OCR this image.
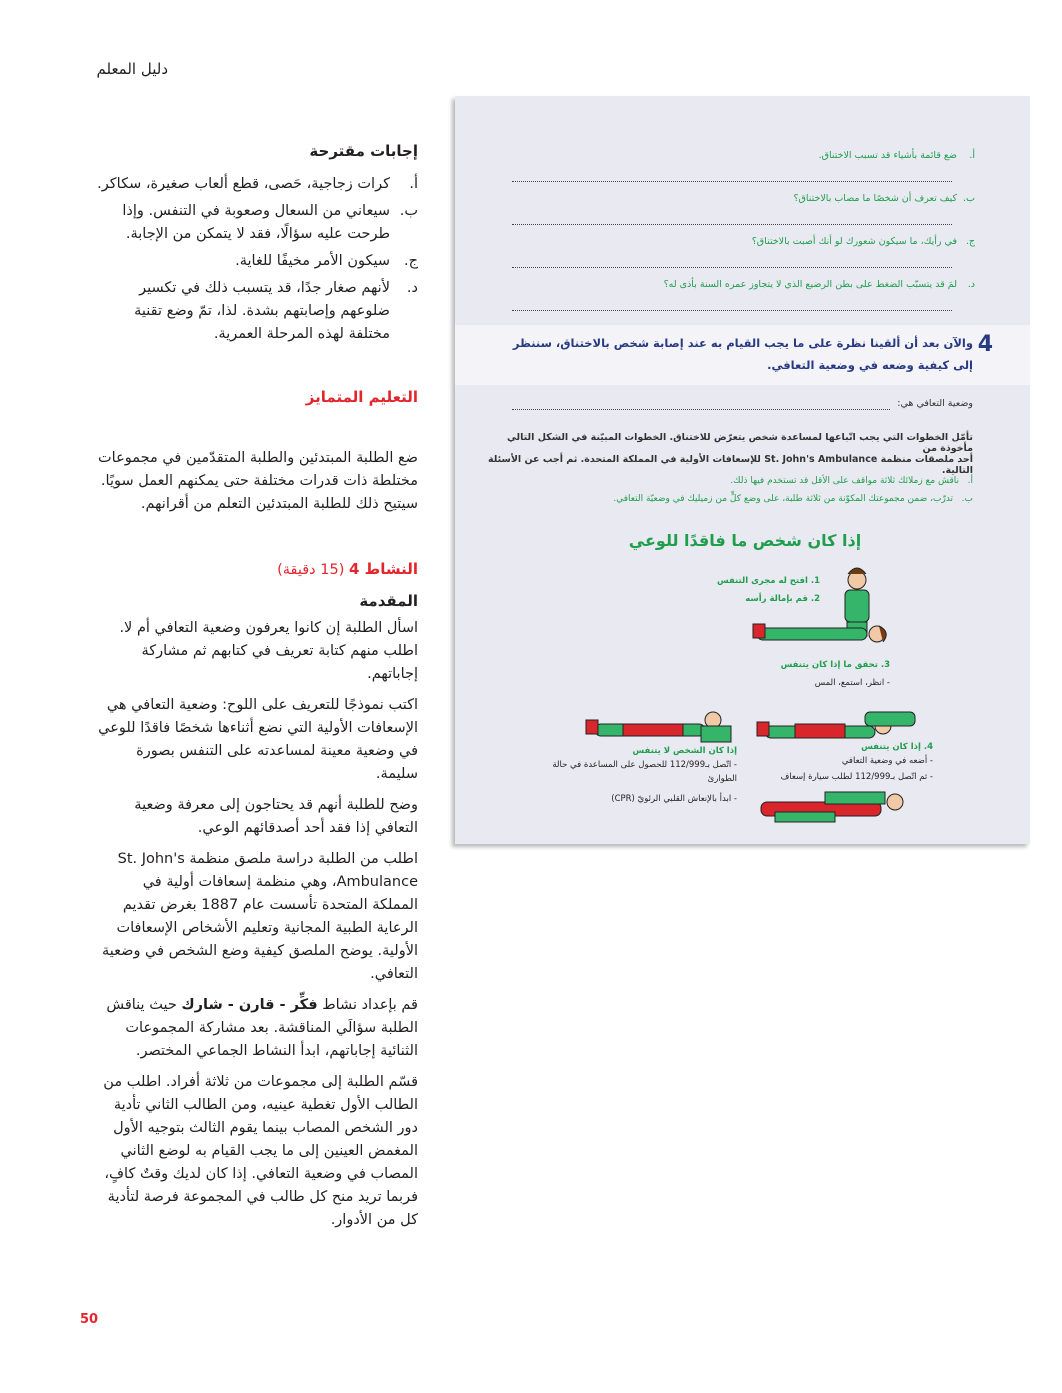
دليل المعلم
إجابات مقترحة
أ.
كرات زجاجية، حَصى، قطع ألعاب صغيرة، سكاكر.
ب.
سيعاني من السعال وصعوبة في التنفس. وإذا طرحت عليه سؤالًا، فقد لا يتمكن من الإجابة.
ج.
سيكون الأمر مخيفًا للغاية.
د.
لأنهم صغار جدًا، قد يتسبب ذلك في تكسير ضلوعهم وإصابتهم بشدة. لذا، تمّ وضع تقنية مختلفة لهذه المرحلة العمرية.
التعليم المتمايز
ضع الطلبة المبتدئين والطلبة المتقدّمين في مجموعات مختلطة ذات قدرات مختلفة حتى يمكنهم العمل سويًا. سيتيح ذلك للطلبة المبتدئين التعلم من أقرانهم.
النشاط 4 (15 دقيقة)
المقدمة
اسأل الطلبة إن كانوا يعرفون وضعية التعافي أم لا. اطلب منهم كتابة تعريف في كتابهم ثم مشاركة إجاباتهم.
اكتب نموذجًا للتعريف على اللوح: وضعية التعافي هي الإسعافات الأولية التي نضع أثناءها شخصًا فاقدًا للوعي في وضعية معينة لمساعدته على التنفس بصورة سليمة.
وضح للطلبة أنهم قد يحتاجون إلى معرفة وضعية التعافي إذا فقد أحد أصدقائهم الوعي.
اطلب من الطلبة دراسة ملصق منظمة St. John's Ambulance، وهي منظمة إسعافات أولية في المملكة المتحدة تأسست عام 1887 بغرض تقديم الرعاية الطبية المجانية وتعليم الأشخاص الإسعافات الأولية. يوضح الملصق كيفية وضع الشخص في وضعية التعافي.
قم بإعداد نشاط فكِّر - قارن - شارك حيث يناقش الطلبة سؤالَي المناقشة. بعد مشاركة المجموعات الثنائية إجاباتهم، ابدأ النشاط الجماعي المختصر.
قسّم الطلبة إلى مجموعات من ثلاثة أفراد. اطلب من الطالب الأول تغطية عينيه، ومن الطالب الثاني تأدية دور الشخص المصاب بينما يقوم الثالث بتوجيه الأول المغمض العينين إلى ما يجب القيام به لوضع الثاني المصاب في وضعية التعافي. إذا كان لديك وقتٌ كافٍ، فربما تريد منح كل طالب في المجموعة فرصة لتأدية كل من الأدوار.
أ.ضع قائمة بأشياء قد تسبب الاختناق.
ب.كيف تعرف أن شخصًا ما مصاب بالاختناق؟
ج.في رأيك، ما سيكون شعورك لو أنك أصبت بالاختناق؟
د.لمَ قد يتسبّب الضغط على بطن الرضيع الذي لا يتجاوز عمره السنة بأذى له؟
4
والآن بعد أن ألقينا نظرة على ما يجب القيام به عند إصابة شخص بالاختناق، سننظر إلى كيفية وضعه في وضعية التعافي.
وضعية التعافي هي:
تأمّل الخطوات التي يجب اتّباعها لمساعدة شخص يتعرّض للاختناق. الخطوات المبيّنة في الشكل التالي مأخوذة من
أحد ملصقات منظمة St. John's Ambulance للإسعافات الأولية في المملكة المتحدة. ثم أجب عن الأسئلة التالية.
أ.   ناقش مع زملائك ثلاثة مواقف على الأقل قد تستخدم فيها ذلك.
ب.   تدرّب، ضمن مجموعتك المكوّنة من ثلاثة طلبة، على وضع كلٍّ من زميليك في وضعيّة التعافي.
إذا كان شخص ما فاقدًا للوعي
1. افتح له مجرى التنفس
2. قم بإمالة رأسه
3. تحقق ما إذا كان يتنفس
- انظر، استمع، المس
إذا كان الشخص لا يتنفس
- اتّصل بـ112/999 للحصول على المساعدة في حالة الطوارئ
- ابدأ بالإنعاش القلبي الرئويّ (CPR)
4. إذا كان يتنفس
- أضعه في وضعية التعافي
- ثم اتّصل بـ112/999 لطلب سيارة إسعاف
50
